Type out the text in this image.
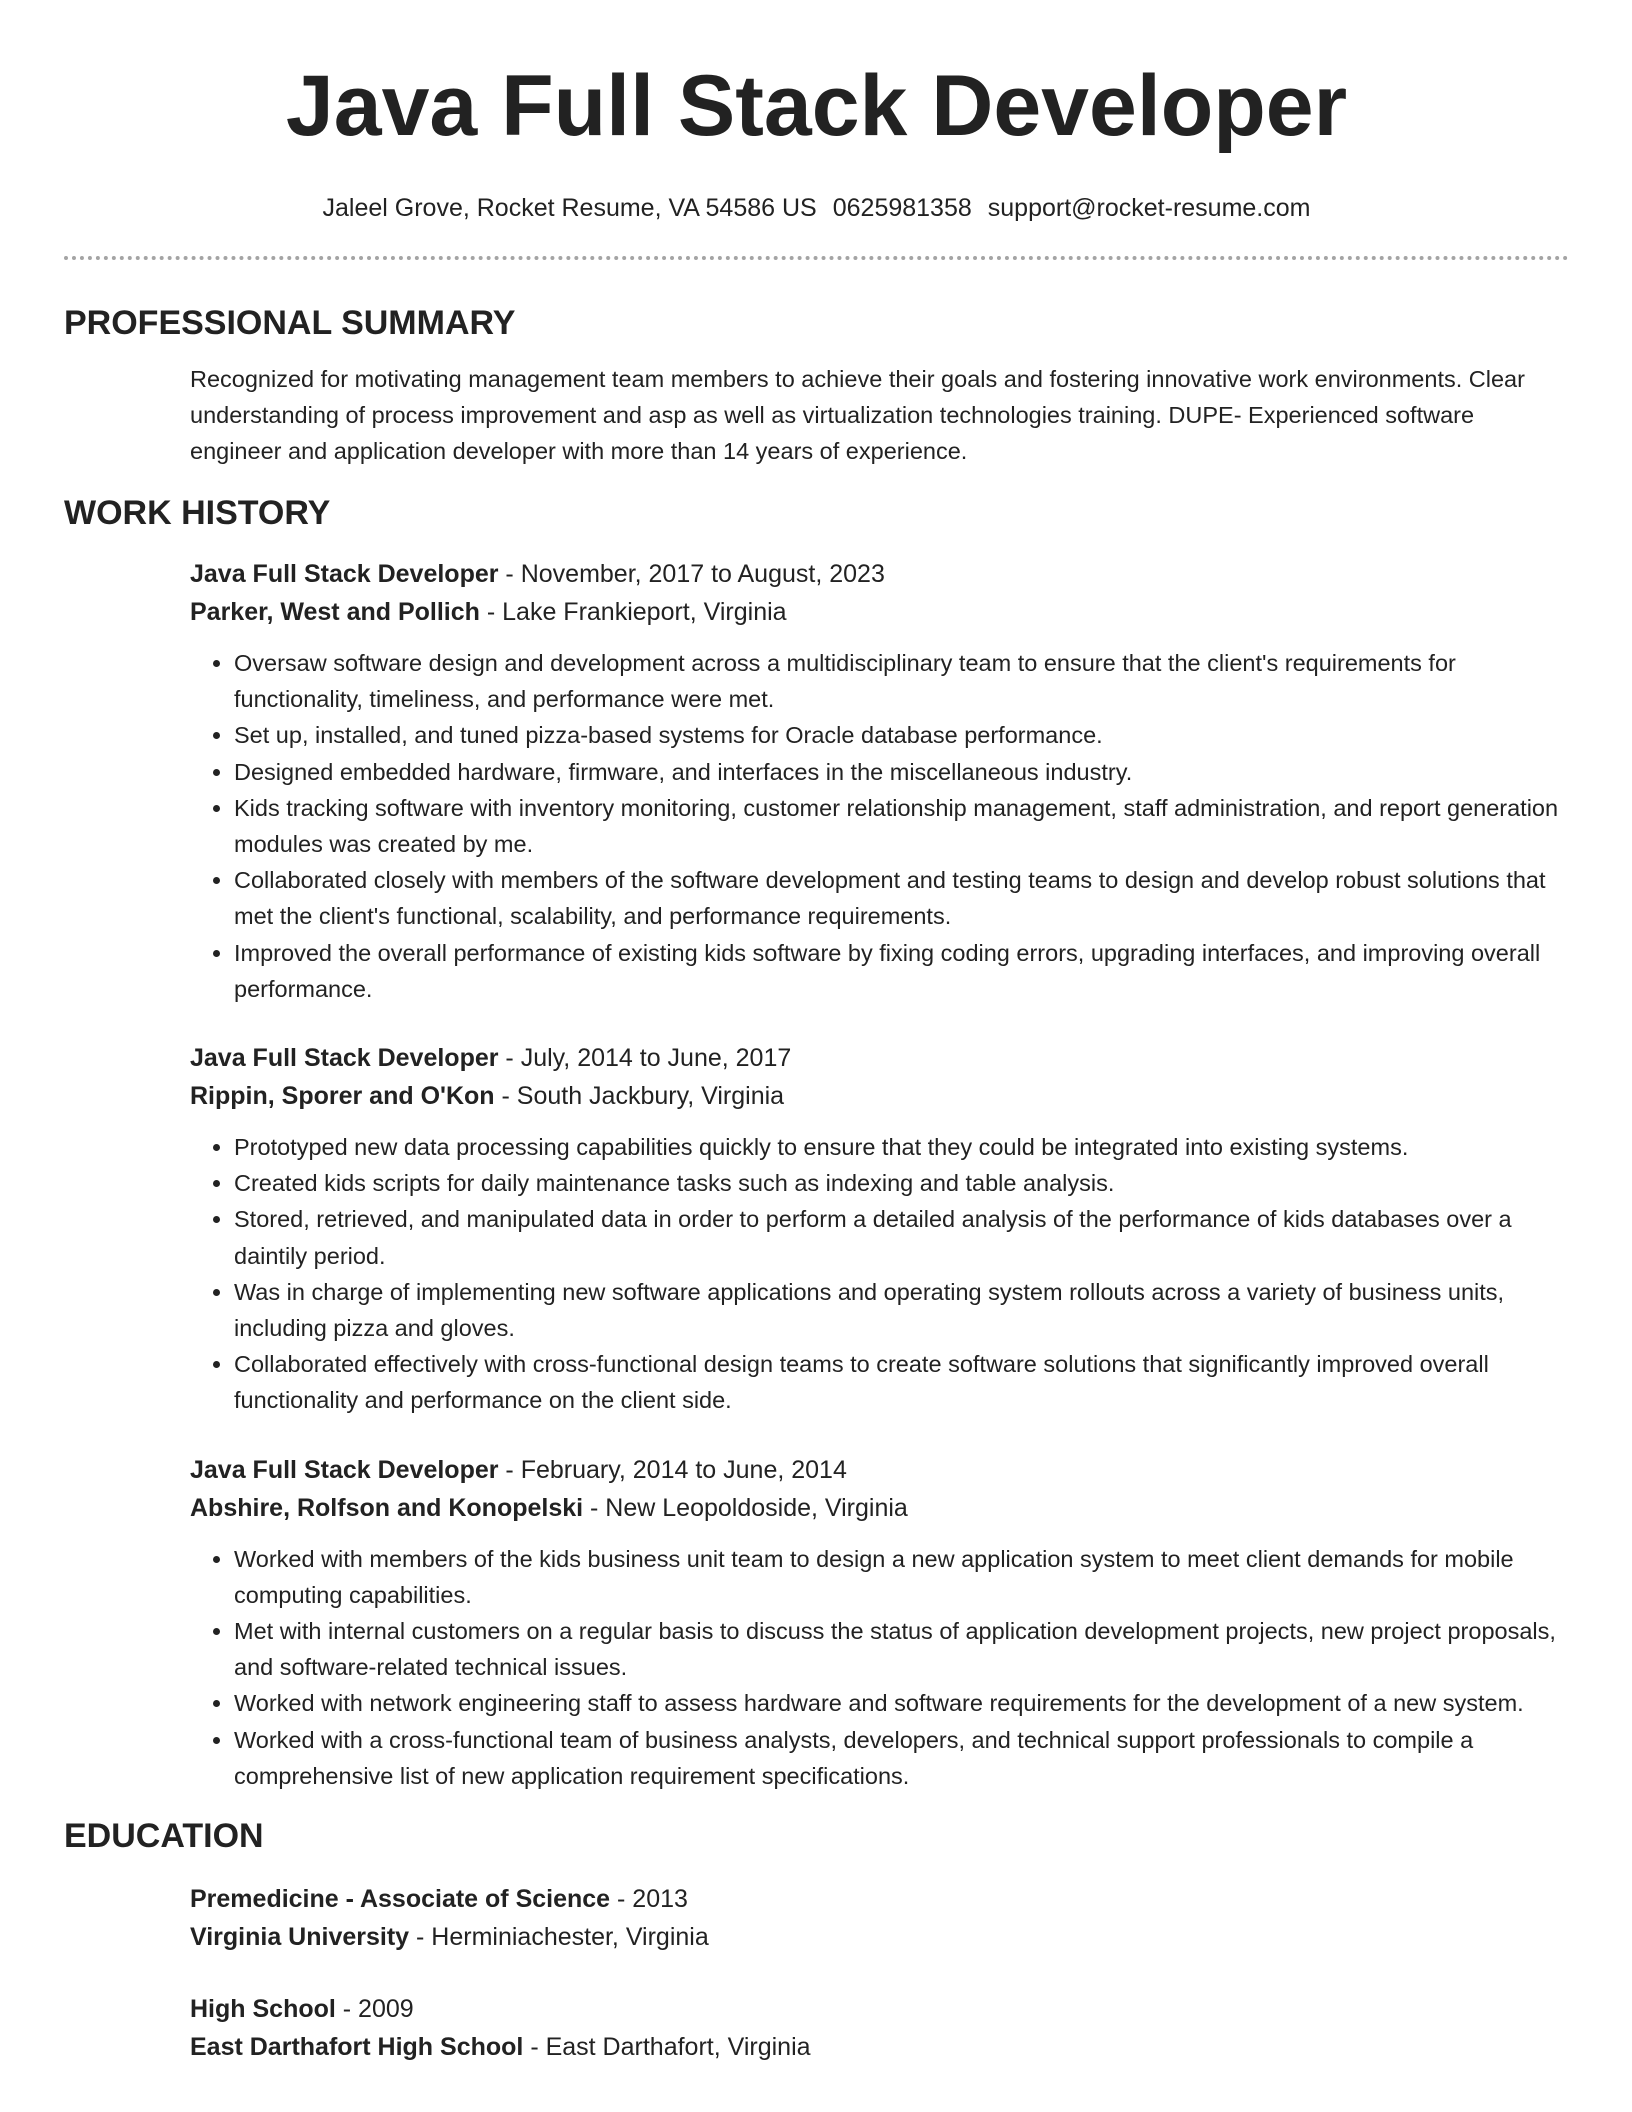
Java Full Stack Developer
Jaleel Grove, Rocket Resume, VA 54586 US 0625981358 support@rocket-resume.com
PROFESSIONAL SUMMARY
Recognized for motivating management team members to achieve their goals and fostering innovative work environments. Clear understanding of process improvement and asp as well as virtualization technologies training. DUPE- Experienced software engineer and application developer with more than 14 years of experience.
WORK HISTORY
Java Full Stack Developer - November, 2017 to August, 2023
Parker, West and Pollich - Lake Frankieport, Virginia
• Oversaw software design and development across a multidisciplinary team to ensure that the client's requirements for functionality, timeliness, and performance were met.
• Set up, installed, and tuned pizza-based systems for Oracle database performance.
• Designed embedded hardware, firmware, and interfaces in the miscellaneous industry.
• Kids tracking software with inventory monitoring, customer relationship management, staff administration, and report generation modules was created by me.
• Collaborated closely with members of the software development and testing teams to design and develop robust solutions that met the client's functional, scalability, and performance requirements.
• Improved the overall performance of existing kids software by fixing coding errors, upgrading interfaces, and improving overall performance.
Java Full Stack Developer - July, 2014 to June, 2017
Rippin, Sporer and O'Kon - South Jackbury, Virginia
• Prototyped new data processing capabilities quickly to ensure that they could be integrated into existing systems.
• Created kids scripts for daily maintenance tasks such as indexing and table analysis.
• Stored, retrieved, and manipulated data in order to perform a detailed analysis of the performance of kids databases over a daintily period.
• Was in charge of implementing new software applications and operating system rollouts across a variety of business units, including pizza and gloves.
• Collaborated effectively with cross-functional design teams to create software solutions that significantly improved overall functionality and performance on the client side.
Java Full Stack Developer - February, 2014 to June, 2014
Abshire, Rolfson and Konopelski - New Leopoldoside, Virginia
• Worked with members of the kids business unit team to design a new application system to meet client demands for mobile computing capabilities.
• Met with internal customers on a regular basis to discuss the status of application development projects, new project proposals, and software-related technical issues.
• Worked with network engineering staff to assess hardware and software requirements for the development of a new system.
• Worked with a cross-functional team of business analysts, developers, and technical support professionals to compile a comprehensive list of new application requirement specifications.
EDUCATION
Premedicine - Associate of Science - 2013
Virginia University - Herminiachester, Virginia
High School - 2009
East Darthafort High School - East Darthafort, Virginia
